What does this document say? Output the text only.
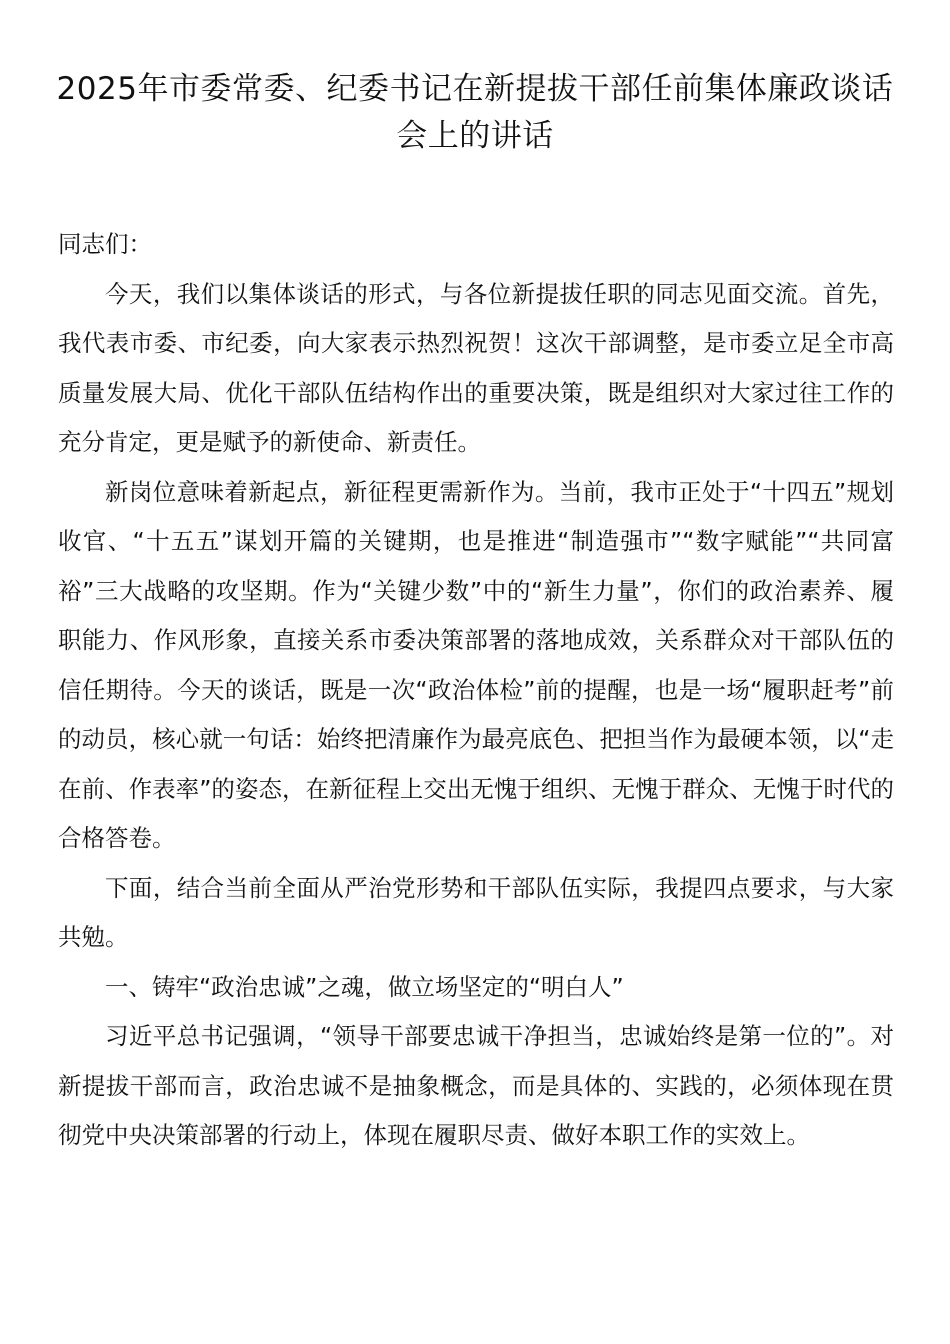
2025年市委常委、纪委书记在新提拔干部任前集体廉政谈话会上的讲话

同志们：

今天，我们以集体谈话的形式，与各位新提拔任职的同志见面交流。首先，我代表市委、市纪委，向大家表示热烈祝贺！这次干部调整，是市委立足全市高质量发展大局、优化干部队伍结构作出的重要决策，既是组织对大家过往工作的充分肯定，更是赋予的新使命、新责任。

新岗位意味着新起点，新征程更需新作为。当前，我市正处于“十四五”规划收官、“十五五”谋划开篇的关键期，也是推进“制造强市”“数字赋能”“共同富裕”三大战略的攻坚期。作为“关键少数”中的“新生力量”，你们的政治素养、履职能力、作风形象，直接关系市委决策部署的落地成效，关系群众对干部队伍的信任期待。今天的谈话，既是一次“政治体检”前的提醒，也是一场“履职赶考”前的动员，核心就一句话：始终把清廉作为最亮底色、把担当作为最硬本领，以“走在前、作表率”的姿态，在新征程上交出无愧于组织、无愧于群众、无愧于时代的合格答卷。

下面，结合当前全面从严治党形势和干部队伍实际，我提四点要求，与大家共勉。

一、铸牢“政治忠诚”之魂，做立场坚定的“明白人”

习近平总书记强调，“领导干部要忠诚干净担当，忠诚始终是第一位的”。对新提拔干部而言，政治忠诚不是抽象概念，而是具体的、实践的，必须体现在贯彻党中央决策部署的行动上，体现在履职尽责、做好本职工作的实效上。
